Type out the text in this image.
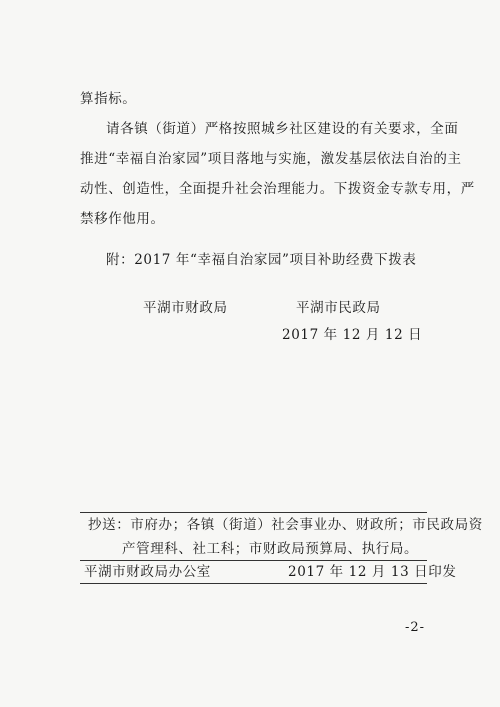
算指标。
请各镇（街道）严格按照城乡社区建设的有关要求，全面
推进“幸福自治家园”项目落地与实施，激发基层依法自治的主
动性、创造性，全面提升社会治理能力。下拨资金专款专用，严
禁移作他用。
附：2017 年“幸福自治家园”项目补助经费下拨表
平湖市财政局	平湖市民政局
2017 年 12 月 12 日
抄送：市府办；各镇（街道）社会事业办、财政所；市民政局资
产管理科、社工科；市财政局预算局、执行局。
平湖市财政局办公室	2017 年 12 月 13 日印发
-2-
